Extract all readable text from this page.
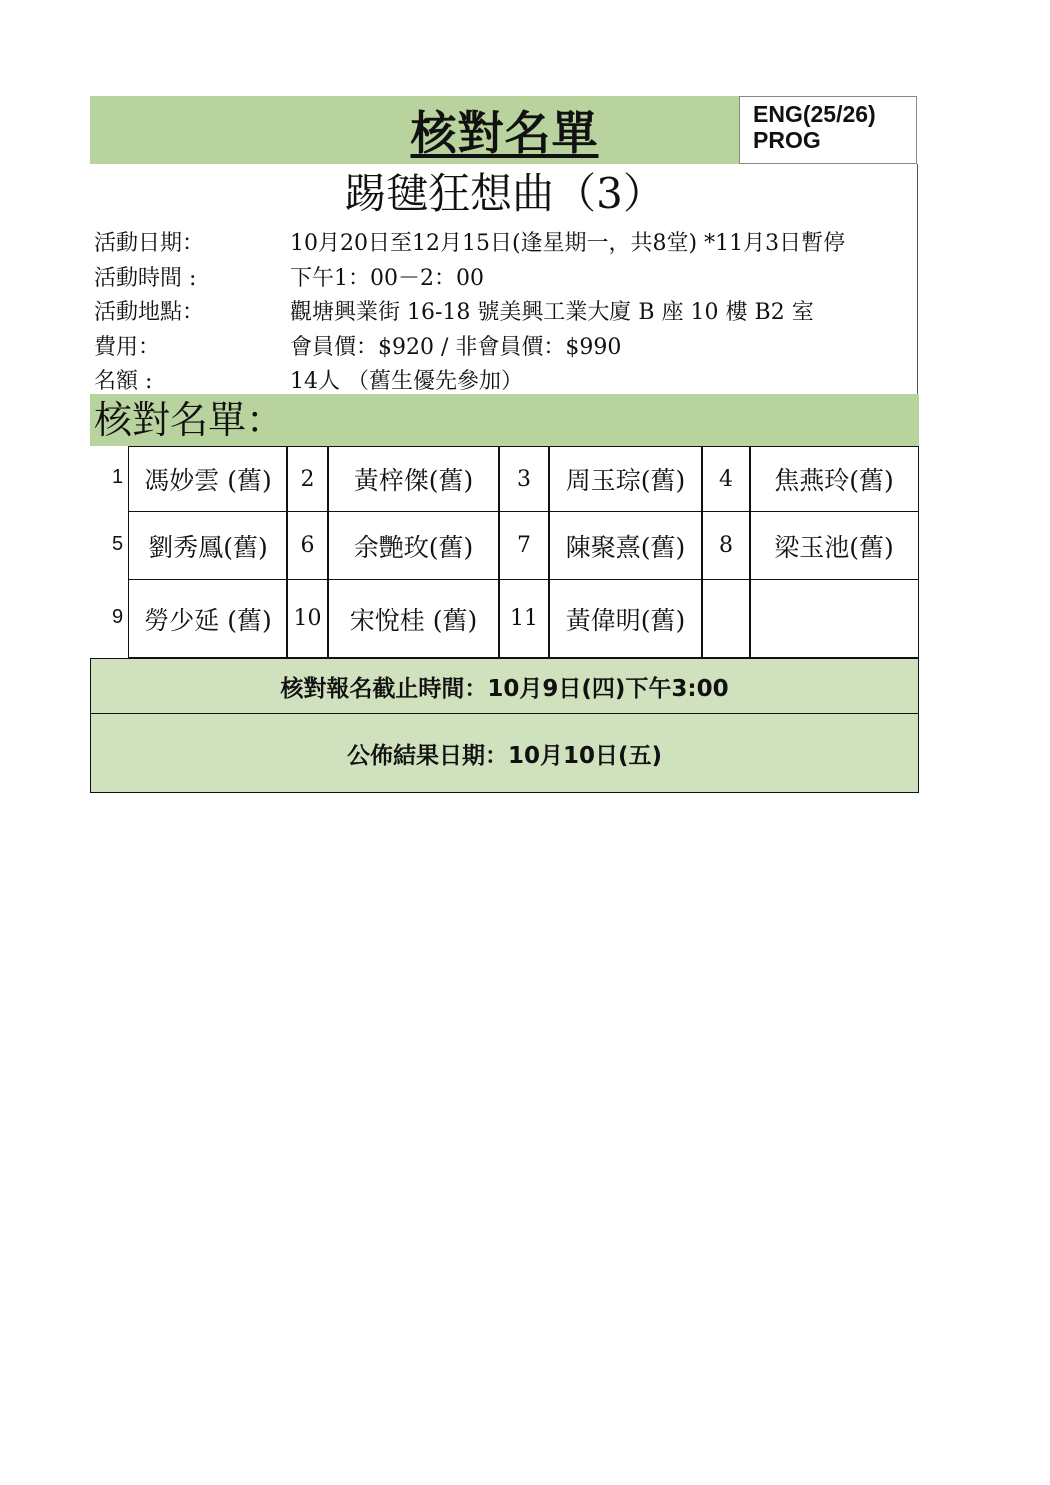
核對名單	ENG(25/26)
PROG
踢毽狂想曲（3）
活動日期：	10月20日至12月15日(逢星期一，共8堂) *11月3日暫停
活動時間 :	下午1：00－2：00
活動地點：	觀塘興業街 16-18 號美興工業大廈 B 座 10 樓 B2 室
費用：	會員價：$920 / 非會員價：$990
名額 :	14人 （舊生優先參加）
核對名單：
1 馮妙雲 (舊)	2	黃梓傑(舊)	3	周玉琮(舊)	4	焦燕玲(舊)
5	劉秀鳳(舊)	6	余艷玫(舊)	7	陳聚熹(舊)	8	梁玉池(舊)
9 勞少延 (舊) 10	宋悅桂 (舊)	11	黃偉明(舊)
核對報名截止時間：10月9日(四)下午3:00
公佈結果日期：10月10日(五)
